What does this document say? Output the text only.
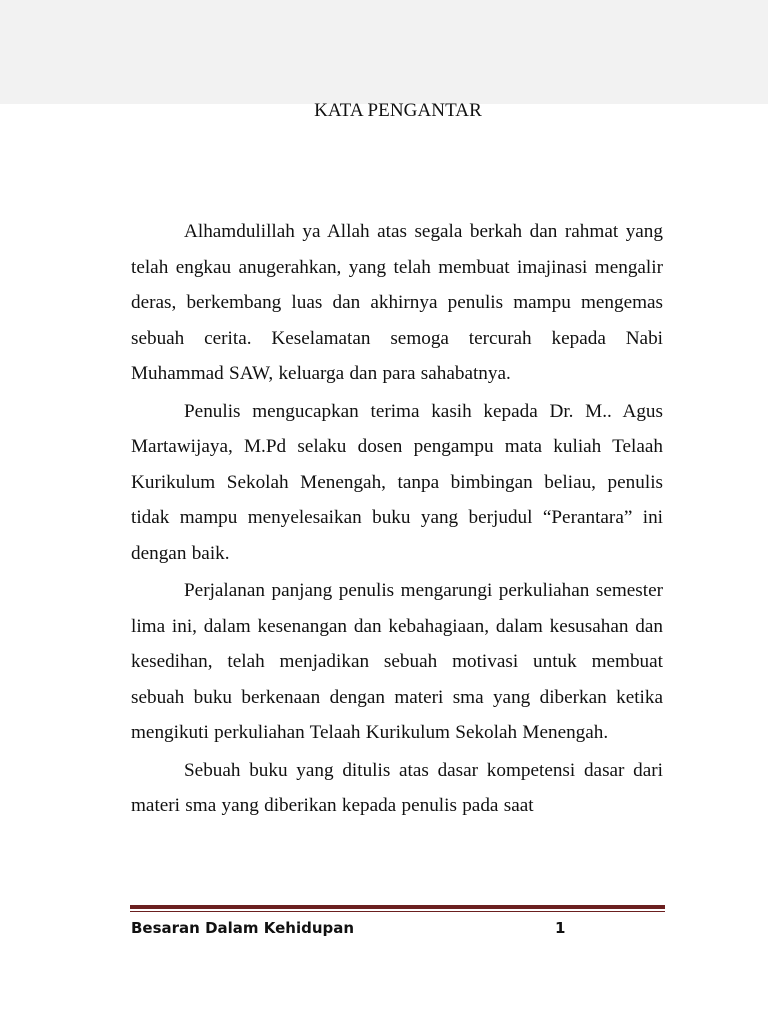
KATA PENGANTAR

Alhamdulillah ya Allah atas segala berkah dan rahmat yang telah engkau anugerahkan, yang telah membuat imajinasi mengalir deras, berkembang luas dan akhirnya penulis mampu mengemas sebuah cerita. Keselamatan semoga tercurah kepada Nabi Muhammad SAW, keluarga dan para sahabatnya.

Penulis mengucapkan terima kasih kepada Dr. M.. Agus Martawijaya, M.Pd selaku dosen pengampu mata kuliah Telaah Kurikulum Sekolah Menengah, tanpa bimbingan beliau, penulis tidak mampu menyelesaikan buku yang berjudul “Perantara” ini dengan baik.

Perjalanan panjang penulis mengarungi perkuliahan semester lima ini, dalam kesenangan dan kebahagiaan, dalam kesusahan dan kesedihan, telah menjadikan sebuah motivasi untuk membuat sebuah buku berkenaan dengan materi sma yang diberkan ketika mengikuti perkuliahan Telaah Kurikulum Sekolah Menengah.

Sebuah buku yang ditulis atas dasar kompetensi dasar dari materi sma yang diberikan kepada penulis pada saat

Besaran Dalam Kehidupan	1
